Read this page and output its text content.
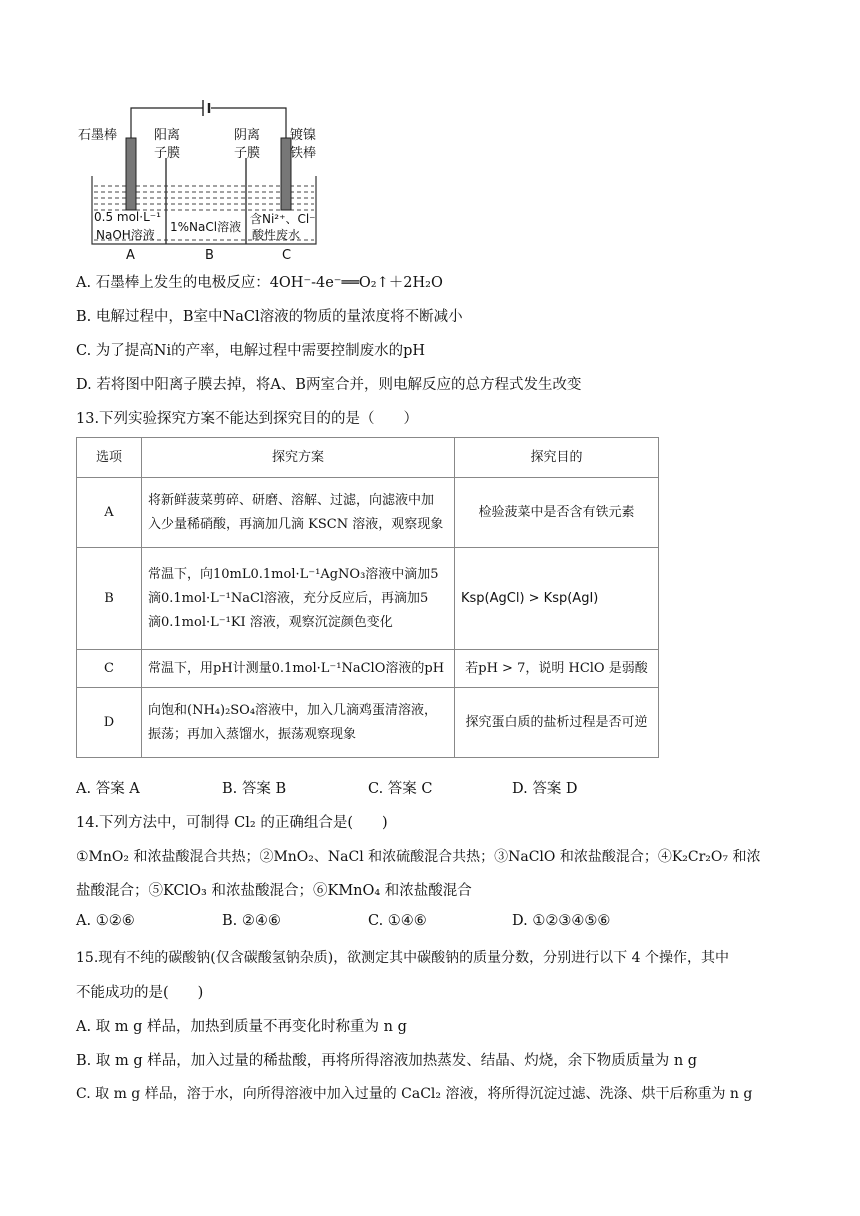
石墨棒	阳离
子膜
阴离
子膜
镀镍
铁棒
0.5 mol·L⁻¹
NaOH溶液
1%NaCl溶液
含Ni²⁺、Cl⁻
酸性废水
A	B	C
A. 石墨棒上发生的电极反应：4OH⁻-4e⁻══O₂↑＋2H₂O
B. 电解过程中，B室中NaCl溶液的物质的量浓度将不断减小
C. 为了提高Ni的产率，电解过程中需要控制废水的pH
D. 若将图中阳离子膜去掉，将A、B两室合并，则电解反应的总方程式发生改变
13.下列实验探究方案不能达到探究目的的是（　　）
选项	探究方案	探究目的
A	将新鲜菠菜剪碎、研磨、溶解、过滤，向滤液中加
入少量稀硝酸，再滴加几滴 KSCN 溶液，观察现象	检验菠菜中是否含有铁元素
B	常温下，向10mL0.1mol·L⁻¹AgNO₃溶液中滴加5
滴0.1mol·L⁻¹NaCl溶液，充分反应后，再滴加5
滴0.1mol·L⁻¹KI 溶液，观察沉淀颜色变化	Ksp(AgCl) > Ksp(AgI)
C	常温下，用pH计测量0.1mol·L⁻¹NaClO溶液的pH	若pH > 7，说明 HClO 是弱酸
D	向饱和(NH₄)₂SO₄溶液中，加入几滴鸡蛋清溶液，
振荡；再加入蒸馏水，振荡观察现象	探究蛋白质的盐析过程是否可逆
A. 答案 A	B. 答案 B	C. 答案 C	D. 答案 D
14.下列方法中，可制得 Cl₂ 的正确组合是(　　)
①MnO₂ 和浓盐酸混合共热；②MnO₂、NaCl 和浓硫酸混合共热；③NaClO 和浓盐酸混合；④K₂Cr₂O₇ 和浓
盐酸混合；⑤KClO₃ 和浓盐酸混合；⑥KMnO₄ 和浓盐酸混合
A. ①②⑥	B. ②④⑥	C. ①④⑥	D. ①②③④⑤⑥
15.现有不纯的碳酸钠(仅含碳酸氢钠杂质)，欲测定其中碳酸钠的质量分数，分别进行以下 4 个操作，其中
不能成功的是(　　)
A. 取 m g 样品，加热到质量不再变化时称重为 n g
B. 取 m g 样品，加入过量的稀盐酸，再将所得溶液加热蒸发、结晶、灼烧，余下物质质量为 n g
C. 取 m g 样品，溶于水，向所得溶液中加入过量的 CaCl₂ 溶液，将所得沉淀过滤、洗涤、烘干后称重为 n g
